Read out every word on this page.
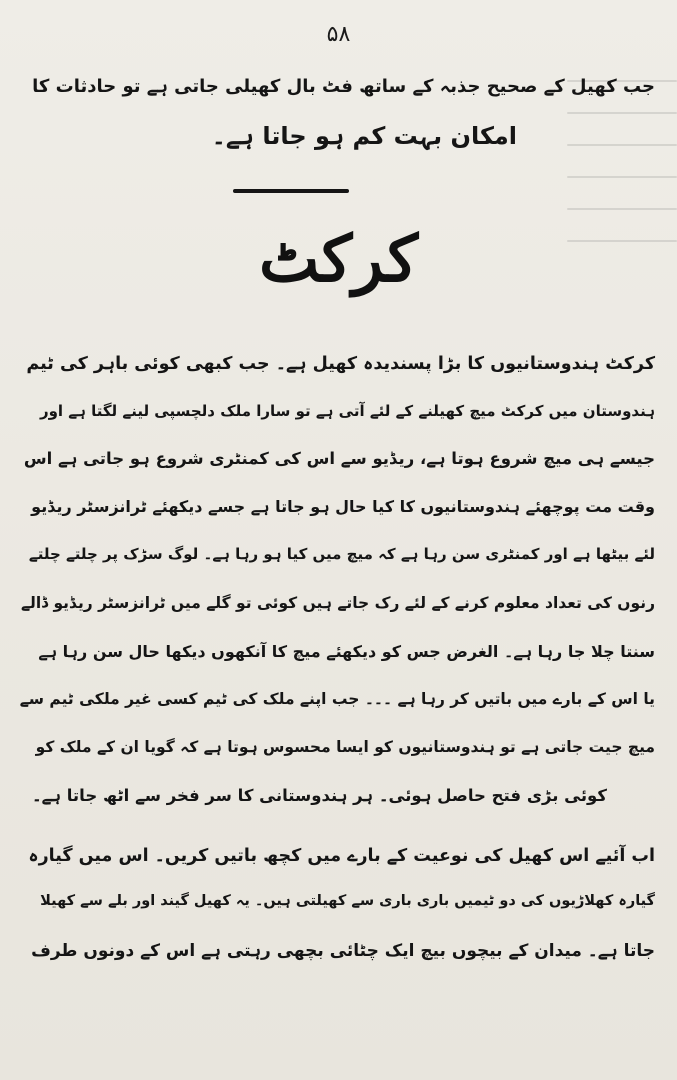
۵۸
جب کھیل کے صحیح جذبہ کے ساتھ فٹ بال کھیلی جاتی ہے تو حادثات کا
امکان بہت کم ہو جاتا ہے۔
کرکٹ
کرکٹ ہندوستانیوں کا بڑا پسندیدہ کھیل ہے۔ جب کبھی کوئی باہر کی ٹیم
ہندوستان میں کرکٹ میچ کھیلنے کے لئے آتی ہے تو سارا ملک دلچسپی لینے لگتا ہے اور
جیسے ہی میچ شروع ہوتا ہے، ریڈیو سے اس کی کمنٹری شروع ہو جاتی ہے اس
وقت مت پوچھئے ہندوستانیوں کا کیا حال ہو جاتا ہے جسے دیکھئے ٹرانزسٹر ریڈیو
لئے بیٹھا ہے اور کمنٹری سن رہا ہے کہ میچ میں کیا ہو رہا ہے۔ لوگ سڑک پر چلتے چلتے
رنوں کی تعداد معلوم کرنے کے لئے رک جاتے ہیں کوئی تو گلے میں ٹرانزسٹر ریڈیو ڈالے
سنتا چلا جا رہا ہے۔ الغرض جس کو دیکھئے میچ کا آنکھوں دیکھا حال سن رہا ہے
یا اس کے بارے میں باتیں کر رہا ہے ۔۔۔ جب اپنے ملک کی ٹیم کسی غیر ملکی ٹیم سے
میچ جیت جاتی ہے تو ہندوستانیوں کو ایسا محسوس ہوتا ہے کہ گویا ان کے ملک کو
کوئی بڑی فتح حاصل ہوئی۔ ہر ہندوستانی کا سر فخر سے اٹھ جاتا ہے۔
اب آئیے اس کھیل کی نوعیت کے بارے میں کچھ باتیں کریں۔ اس میں گیارہ
گیارہ کھلاڑیوں کی دو ٹیمیں باری باری سے کھیلتی ہیں۔ یہ کھیل گیند اور بلے سے کھیلا
جاتا ہے۔ میدان کے بیچوں بیچ ایک چٹائی بچھی رہتی ہے اس کے دونوں طرف
